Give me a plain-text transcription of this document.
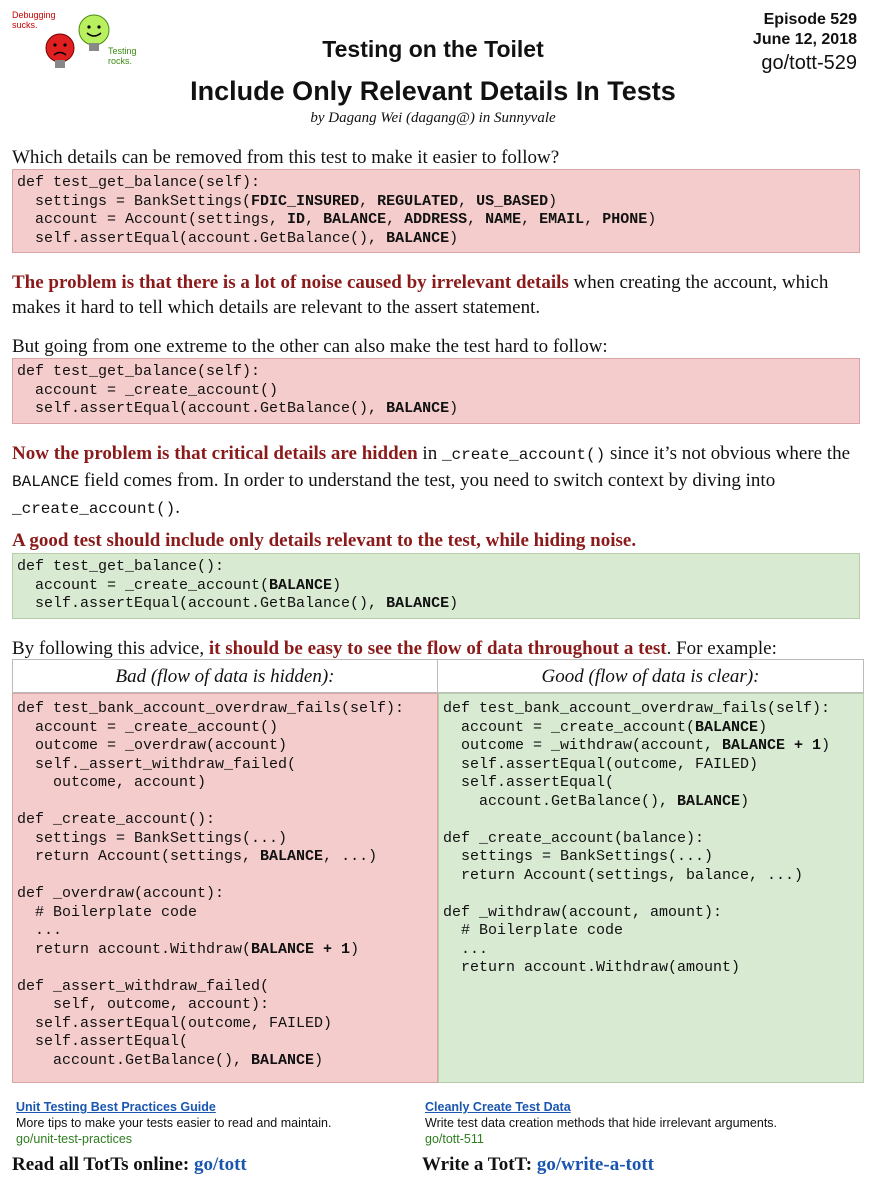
Debugging sucks.
Testing rocks.
Episode 529
June 12, 2018
go/tott-529
Testing on the Toilet
Include Only Relevant Details In Tests
by Dagang Wei (dagang@) in Sunnyvale
Which details can be removed from this test to make it easier to follow?
def test_get_balance(self):
settings = BankSettings(FDIC_INSURED, REGULATED, US_BASED)
account = Account(settings, ID, BALANCE, ADDRESS, NAME, EMAIL, PHONE)
self.assertEqual(account.GetBalance(), BALANCE)
The problem is that there is a lot of noise caused by irrelevant details when creating the account, which makes it hard to tell which details are relevant to the assert statement.
But going from one extreme to the other can also make the test hard to follow:
def test_get_balance(self):
account = _create_account()
self.assertEqual(account.GetBalance(), BALANCE)
Now the problem is that critical details are hidden in _create_account() since it’s not obvious where the BALANCE field comes from. In order to understand the test, you need to switch context by diving into _create_account().
A good test should include only details relevant to the test, while hiding noise.
def test_get_balance():
account = _create_account(BALANCE)
self.assertEqual(account.GetBalance(), BALANCE)
By following this advice, it should be easy to see the flow of data throughout a test. For example:
Bad (flow of data is hidden):	Good (flow of data is clear):
def test_bank_account_overdraw_fails(self):
account = _create_account()
outcome = _overdraw(account)
self._assert_withdraw_failed(
outcome, account)
def _create_account():
settings = BankSettings(...)
return Account(settings, BALANCE, ...)
def _overdraw(account):
# Boilerplate code
...
return account.Withdraw(BALANCE + 1)
def _assert_withdraw_failed(
self, outcome, account):
self.assertEqual(outcome, FAILED)
self.assertEqual(
account.GetBalance(), BALANCE)
def test_bank_account_overdraw_fails(self):
account = _create_account(BALANCE)
outcome = _withdraw(account, BALANCE + 1)
self.assertEqual(outcome, FAILED)
self.assertEqual(
account.GetBalance(), BALANCE)
def _create_account(balance):
settings = BankSettings(...)
return Account(settings, balance, ...)
def _withdraw(account, amount):
# Boilerplate code
...
return account.Withdraw(amount)
Unit Testing Best Practices Guide
More tips to make your tests easier to read and maintain.
go/unit-test-practices
Cleanly Create Test Data
Write test data creation methods that hide irrelevant arguments.
go/tott-511
Read all TotTs online: go/tott	Write a TotT: go/write-a-tott
